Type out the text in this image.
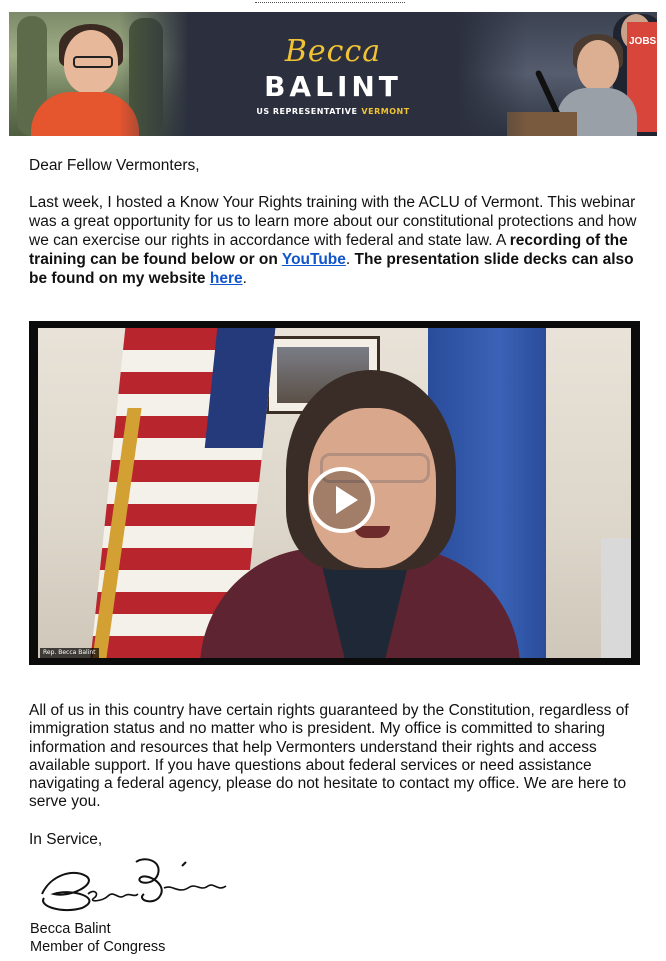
JOBS
Becca
BALINT
US REPRESENTATIVE VERMONT
Dear Fellow Vermonters,
Last week, I hosted a Know Your Rights training with the ACLU of Vermont. This webinar was a great opportunity for us to learn more about our constitutional protections and how we can exercise our rights in accordance with federal and state law. A recording of the training can be found below or on YouTube. The presentation slide decks can also be found on my website here.
Rep. Becca Balint
All of us in this country have certain rights guaranteed by the Constitution, regardless of immigration status and no matter who is president. My office is committed to sharing information and resources that help Vermonters understand their rights and access available support. If you have questions about federal services or need assistance navigating a federal agency, please do not hesitate to contact my office. We are here to serve you.
In Service,
Becca Balint
Member of Congress
